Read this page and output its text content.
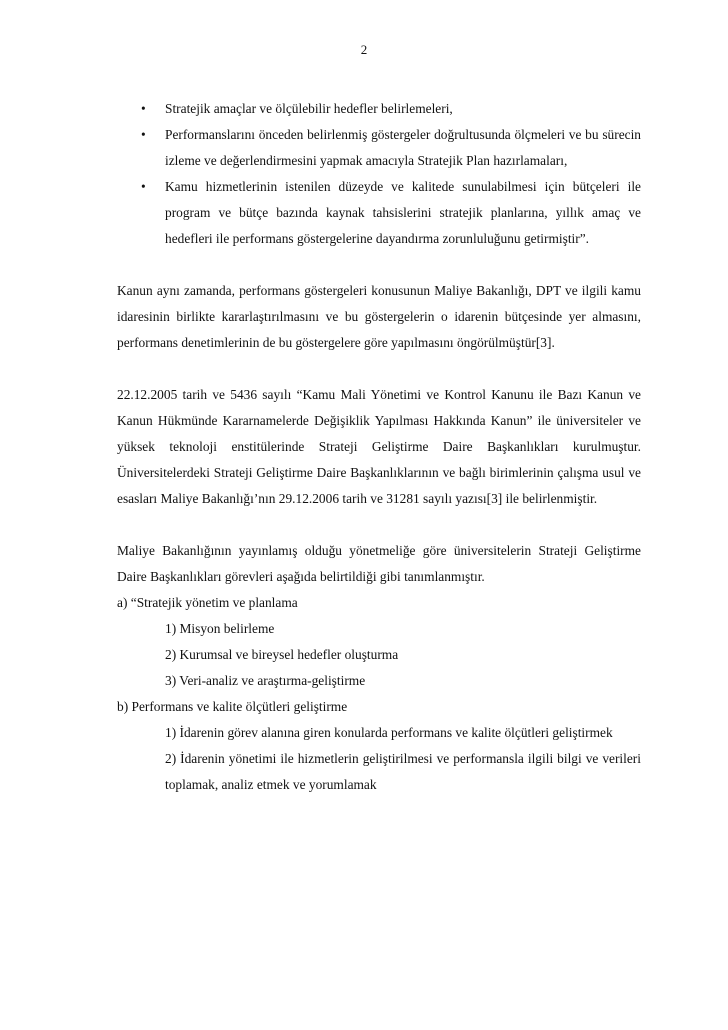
2
• Stratejik amaçlar ve ölçülebilir hedefler belirlemeleri,
• Performanslarını önceden belirlenmiş göstergeler doğrultusunda ölçmeleri ve bu sürecin izleme ve değerlendirmesini yapmak amacıyla Stratejik Plan hazırlamaları,
• Kamu hizmetlerinin istenilen düzeyde ve kalitede sunulabilmesi için bütçeleri ile program ve bütçe bazında kaynak tahsislerini stratejik planlarına, yıllık amaç ve hedefleri ile performans göstergelerine dayandırma zorunluluğunu getirmiştir”.

Kanun aynı zamanda, performans göstergeleri konusunun Maliye Bakanlığı, DPT ve ilgili kamu idaresinin birlikte kararlaştırılmasını ve bu göstergelerin o idarenin bütçesinde yer almasını, performans denetimlerinin de bu göstergelere göre yapılmasını öngörülmüştür[3].

22.12.2005 tarih ve 5436 sayılı “Kamu Mali Yönetimi ve Kontrol Kanunu ile Bazı Kanun ve Kanun Hükmünde Kararnamelerde Değişiklik Yapılması Hakkında Kanun” ile üniversiteler ve yüksek teknoloji enstitülerinde Strateji Geliştirme Daire Başkanlıkları kurulmuştur. Üniversitelerdeki Strateji Geliştirme Daire Başkanlıklarının ve bağlı birimlerinin çalışma usul ve esasları Maliye Bakanlığı’nın 29.12.2006 tarih ve 31281 sayılı yazısı[3] ile belirlenmiştir.

Maliye Bakanlığının yayınlamış olduğu yönetmeliğe göre üniversitelerin Strateji Geliştirme Daire Başkanlıkları görevleri aşağıda belirtildiği gibi tanımlanmıştır.

a) “Stratejik yönetim ve planlama

1) Misyon belirleme

2) Kurumsal ve bireysel hedefler oluşturma

3) Veri-analiz ve araştırma-geliştirme

b) Performans ve kalite ölçütleri geliştirme

1) İdarenin görev alanına giren konularda performans ve kalite ölçütleri geliştirmek

2) İdarenin yönetimi ile hizmetlerin geliştirilmesi ve performansla ilgili bilgi ve verileri toplamak, analiz etmek ve yorumlamak
